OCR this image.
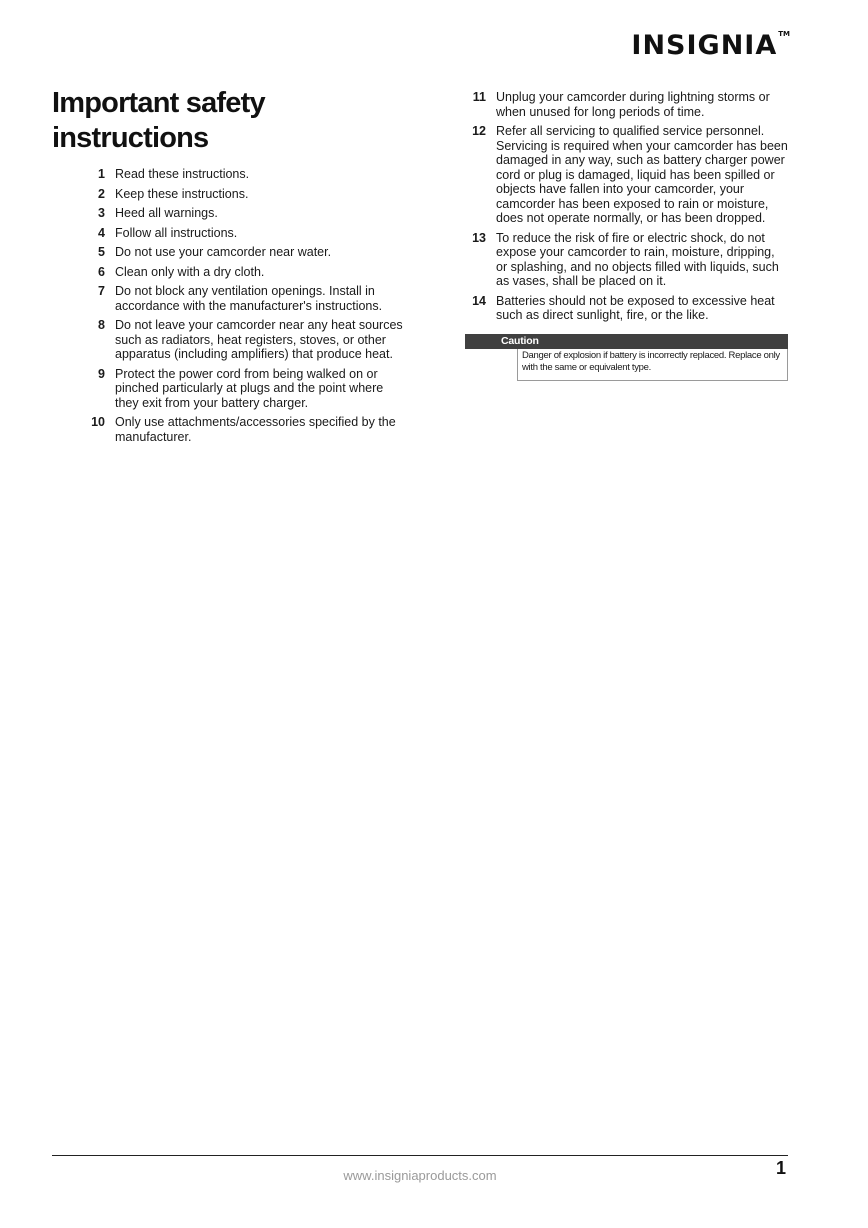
INSIGNIA™
Important safety instructions
1 Read these instructions.
2 Keep these instructions.
3 Heed all warnings.
4 Follow all instructions.
5 Do not use your camcorder near water.
6 Clean only with a dry cloth.
7 Do not block any ventilation openings. Install in accordance with the manufacturer's instructions.
8 Do not leave your camcorder near any heat sources such as radiators, heat registers, stoves, or other apparatus (including amplifiers) that produce heat.
9 Protect the power cord from being walked on or pinched particularly at plugs and the point where they exit from your battery charger.
10 Only use attachments/accessories specified by the manufacturer.
11 Unplug your camcorder during lightning storms or when unused for long periods of time.
12 Refer all servicing to qualified service personnel. Servicing is required when your camcorder has been damaged in any way, such as battery charger power cord or plug is damaged, liquid has been spilled or objects have fallen into your camcorder, your camcorder has been exposed to rain or moisture, does not operate normally, or has been dropped.
13 To reduce the risk of fire or electric shock, do not expose your camcorder to rain, moisture, dripping, or splashing, and no objects filled with liquids, such as vases, shall be placed on it.
14 Batteries should not be exposed to excessive heat such as direct sunlight, fire, or the like.
Caution
Danger of explosion if battery is incorrectly replaced. Replace only with the same or equivalent type.
www.insigniaproducts.com	1
